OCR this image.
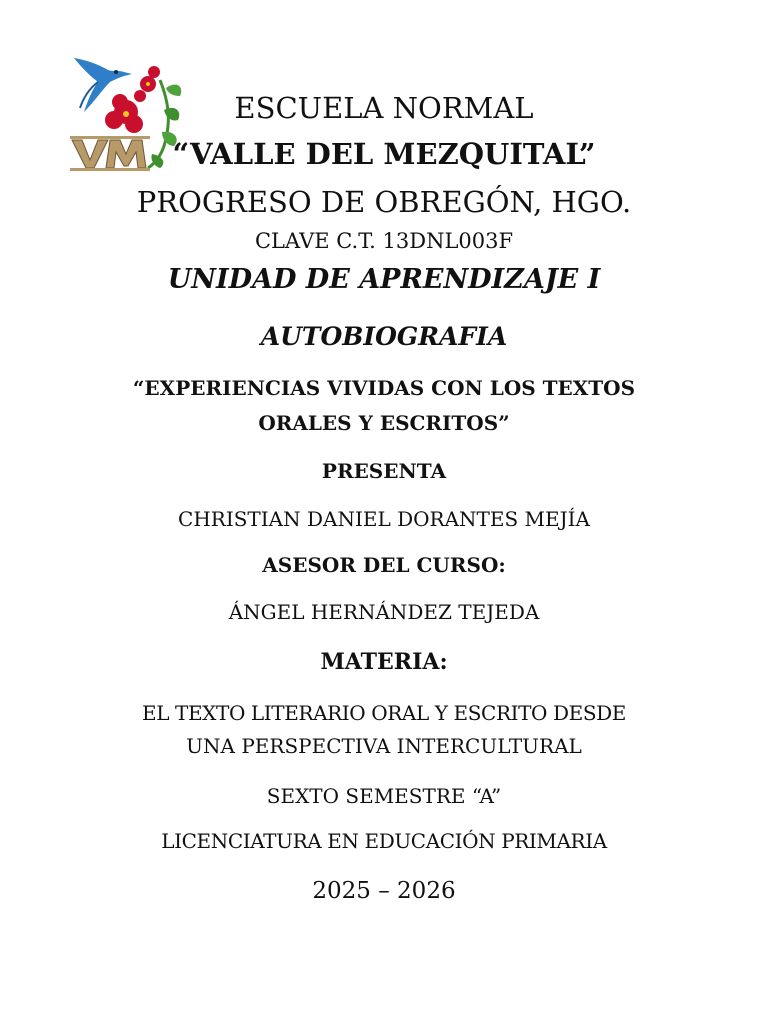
ESCUELA NORMAL
“VALLE DEL MEZQUITAL”
PROGRESO DE OBREGÓN, HGO.
CLAVE C.T. 13DNL003F
UNIDAD DE APRENDIZAJE I
AUTOBIOGRAFIA
“EXPERIENCIAS VIVIDAS CON LOS TEXTOS
ORALES Y ESCRITOS”
PRESENTA
CHRISTIAN DANIEL DORANTES MEJÍA
ASESOR DEL CURSO:
ÁNGEL HERNÁNDEZ TEJEDA
MATERIA:
EL TEXTO LITERARIO ORAL Y ESCRITO DESDE
UNA PERSPECTIVA INTERCULTURAL
SEXTO SEMESTRE “A”
LICENCIATURA EN EDUCACIÓN PRIMARIA
2025 – 2026
